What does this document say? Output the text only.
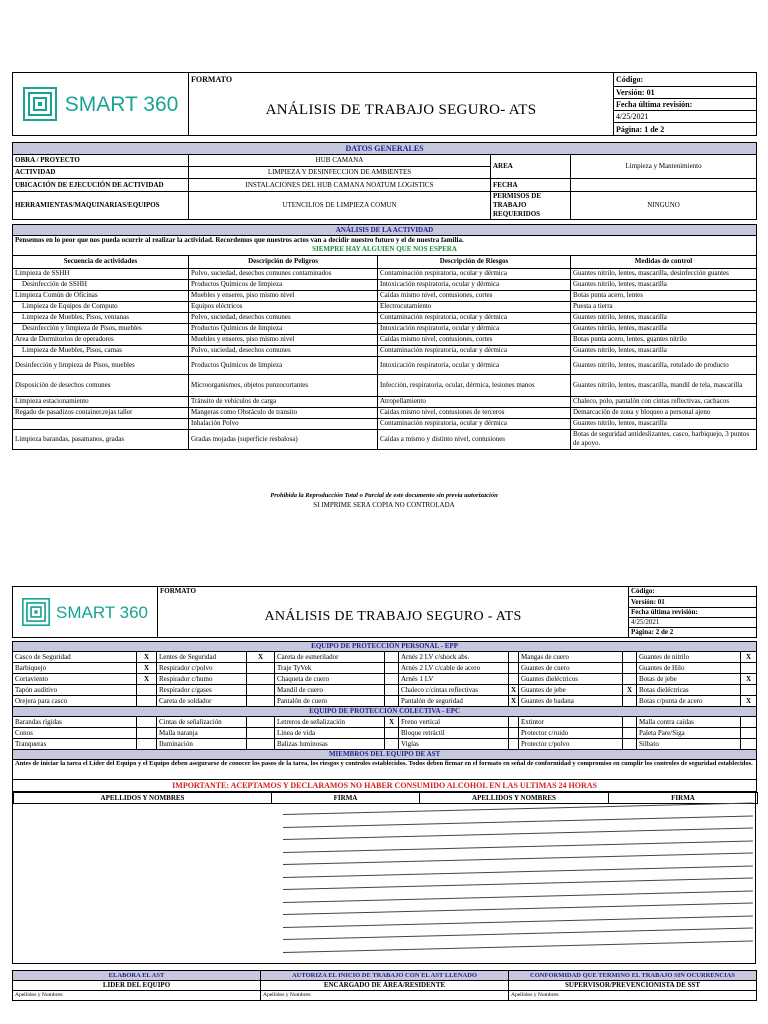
SMART 360	FORMATO	Código:
	ANÁLISIS DE TRABAJO SEGURO- ATS	Versión: 01
		Fecha última revisión:
		4/25/2021
		Página: 1 de 2
DATOS GENERALES			
OBRA / PROYECTO	HUB CAMANA	AREA	Limpieza y Mantenimiento
ACTIVIDAD	LIMPIEZA Y DESINFECCION DE AMBIENTES		
UBICACIÓN DE EJECUCIÓN DE ACTIVIDAD	INSTALACIONES DEL HUB CAMANA NOATUM LOGISTICS	FECHA	
HERRAMIENTAS/MAQUINARIAS/EQUIPOS	UTENCILIOS DE LIMPIEZA COMUN	PERMISOS DE TRABAJO REQUERIDOS	NINGUNO
ANÁLISIS DE LA ACTIVIDAD			
Pensemos en lo peor que nos pueda ocurrir al realizar la actividad. Recordemos que nuestros actos van a decidir nuestro futuro y el de nuestra familia.			
SIEMPRE HAY ALGUIEN QUE NOS ESPERA			
Secuencia de actividades	Descripción de Peligros	Descripción de Riesgos	Medidas de control
Limpieza de SSHH	Polvo, suciedad, desechos comunes contaminados	Contaminación respiratoria, ocular y dérmica	Guantes nitrilo, lentes, mascarilla, desinfección guantes
Desinfección de SSHH	Productos Químicos de limpieza	Intoxicación respiratoria, ocular y dérmica	Guantes nitrilo, lentes, mascarilla
Limpieza Común de Oficinas	Muebles y enseres, piso mismo nivel	Caídas mismo nivel, contusiones, cortes	Botas punta acero, lentes
Limpieza de Equipos de Computo	Equipos eléctricos	Electrocutamiento	Puesta a tierra
Limpieza de Muebles, Pisos, ventanas	Polvo, suciedad, desechos comunes	Contaminación respiratoria, ocular y dérmica	Guantes nitrilo, lentes, mascarilla
Desinfección y limpieza de Pisos, muebles	Productos Químicos de limpieza	Intoxicación respiratoria, ocular y dérmica	Guantes nitrilo, lentes, mascarilla
Area de Dormitorios de operadores	Muebles y enseres, piso mismo nivel	Caídas mismo nivel, contusiones, cortes	Botas punta acero, lentes, guantes nitrilo
Limpieza de Muebles, Pisos, camas	Polvo, suciedad, desechos comunes	Contaminación respiratoria, ocular y dérmica	Guantes nitrilo, lentes, mascarilla
Desinfección y limpieza de Pisos, muebles	Productos Químicos de limpieza	Intoxicación respiratoria, ocular y dérmica	Guantes nitrilo, lentes, mascarilla, rotulado de producto
Disposición de desechos comunes	Microorganismos, objetos punzocortantes	Infección, respiratoria, ocular, dérmica, lesiones manos	Guantes nitrilo, lentes, mascarilla, mandil de tela, mascarilla
Limpieza estacionamiento	Tránsito de vehículos de carga	Atropellamiento	Chaleco, polo, pantalón con cintas reflectivas, cachacos
Regado de pasadizos container,rejas taller	Mangeras como Obstáculo de transito	Caídas mismo nivel, contusiones de terceros	Demarcación de zona y bloqueo a personal ajeno
	Inhalación Polvo	Contaminación respiratoria, ocular y dérmica	Guantes nitrilo, lentes, mascarilla
Limpieza barandas, pasamanos, gradas	Gradas mojadas (superficie resbalosa)	Caídas a mismo y distinto nivel, contusiones	Botas de seguridad antideslizantes, casco, barbiquejo, 3 puntos de apoyo.
Prohibida la Reproducción Total o Parcial de este documento sin previa autorización
SI IMPRIME SERA COPIA NO CONTROLADA
SMART 360	FORMATO	Código:
	ANÁLISIS DE TRABAJO SEGURO - ATS	Versión: 01
		Fecha última revisión:
		4/25/2021
		Página: 2 de 2
EQUIPO DE PROTECCIÓN PERSONAL - EPP											
Casco de Seguridad	X	Lentes de Seguridad	X	Careta de esmerilador		Arnés 2 LV c/shock abs.		Mangas de cuero		Guantes de nitrilo	X
Barbiquejo	X	Respirador c/polvo		Traje TyVek		Arnés 2 LV c/cable de acero		Guantes de cuero		Guantes de Hilo	
Cortaviento	X	Respirador c/humo		Chaqueta de cuero		Arnés 1 LV		Guantes dieléctricos		Botas de jebe	X
Tapón auditivo		Respirador c/gases		Mandil de cuero		Chaleco c/cintas reflectivas	X	Guantes de jebe	X	Botas dieléctricas	
Orejera para casco		Careta de soldador		Pantalón de cuero		Pantalón de seguridad	X	Guantes de badana		Botas c/punta de acero	X
EQUIPO DE PROTECCIÓN COLECTIVA - EPC											
Barandas rígidas		Cintas de señalización		Letreros de señalización	X	Freno vertical		Extintor		Malla contra caídas	
Conos		Malla naranja		Línea de vida		Bloque retráctil		Protector c/ruido		Paleta Pare/Siga	
Tranqueras		Iluminación		Balizas luminosas		Vigías		Protector c/polvo		Silbato	
MIEMBROS DEL EQUIPO DE AST											
Antes de iniciar la tarea el Líder del Equipo y el Equipo deben asegurarse de conocer los pasos de la tarea, los riesgos y controles establecidos. Todos deben firmar en el formato en señal de conformidad y compromiso en cumplir los controles de seguridad establecidos.											
IMPORTANTE: ACEPTAMOS Y DECLARAMOS NO HABER CONSUMIDO ALCOHOL EN LAS ULTIMAS 24 HORAS											
APELLIDOS Y NOMBRES	FIRMA	APELLIDOS Y NOMBRES	FIRMA
ELABORA EL AST	AUTORIZA EL INICIO DE TRABAJO CON EL AST LLENADO	CONFORMIDAD QUE TERMINO EL TRABAJO SIN OCURRENCIAS
LIDER DEL EQUIPO	ENCARGADO DE ÁREA/RESIDENTE	SUPERVISOR/PREVENCIONISTA DE SST
Apellidos y Nombres:	Apellidos y Nombres:	Apellidos y Nombres:
